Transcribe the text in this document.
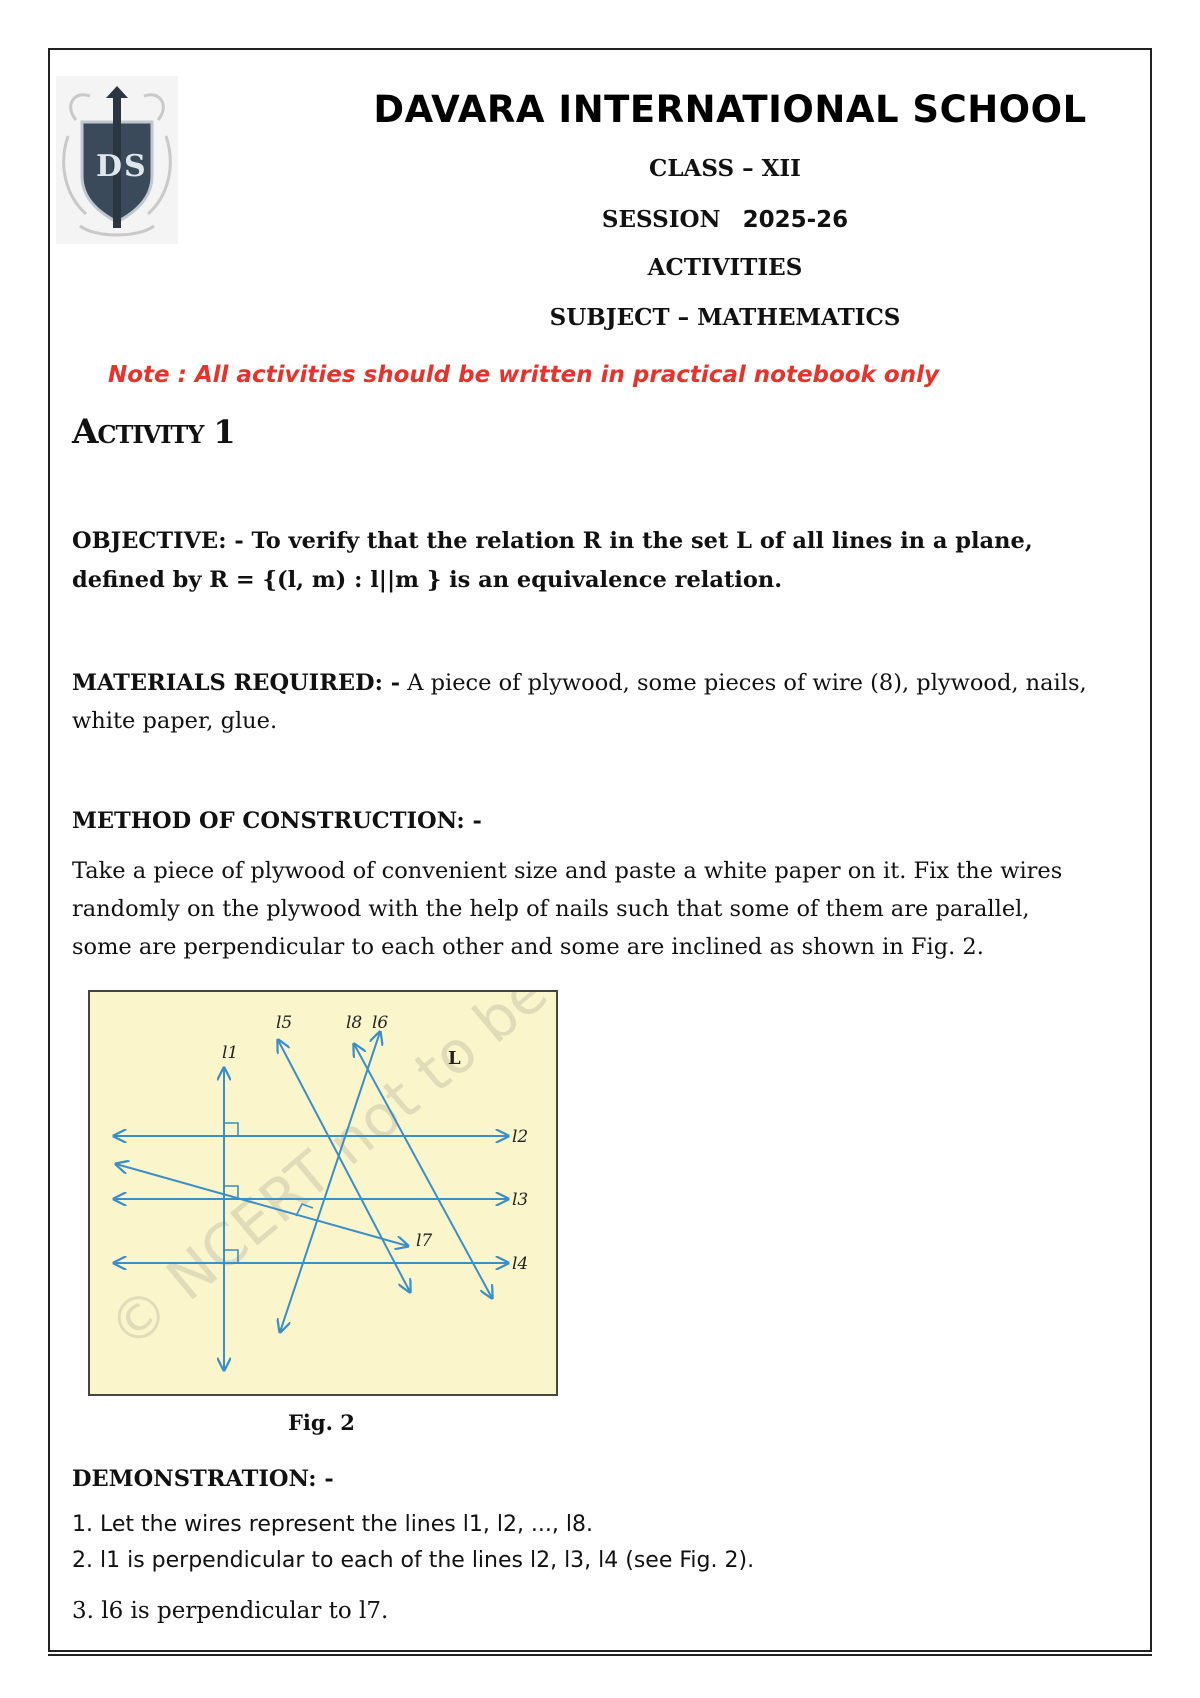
D S
DAVARA INTERNATIONAL SCHOOL
CLASS – XII
SESSION 2025-26
ACTIVITIES
SUBJECT – MATHEMATICS
Note : All activities should be written in practical notebook only
Activity 1
OBJECTIVE: - To verify that the relation R in the set L of all lines in a plane,
defined by R = {(l, m) : l||m } is an equivalence relation.
MATERIALS REQUIRED: - A piece of plywood, some pieces of wire (8), plywood, nails,
white paper, glue.
METHOD OF CONSTRUCTION: -
Take a piece of plywood of convenient size and paste a white paper on it. Fix the wires
randomly on the plywood with the help of nails such that some of them are parallel,
some are perpendicular to each other and some are inclined as shown in Fig. 2.
© NCERT not to be
l1
l2
l3
l4
l5	l6
l7
l8
L
Fig. 2
DEMONSTRATION: -
1. Let the wires represent the lines l1, l2, ..., l8.
2. l1 is perpendicular to each of the lines l2, l3, l4 (see Fig. 2).
3. l6 is perpendicular to l7.
